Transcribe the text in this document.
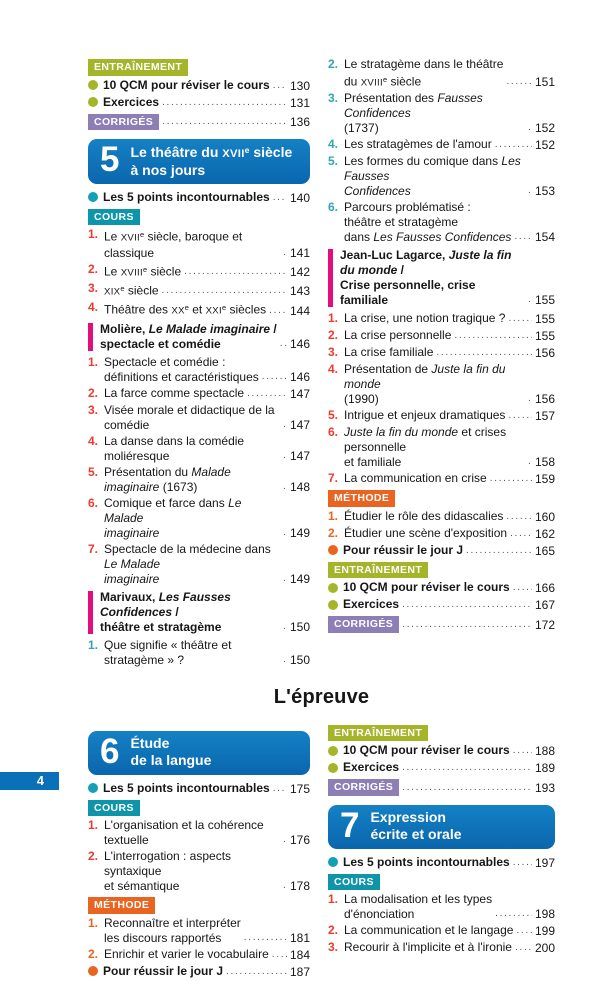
ENTRAÎNEMENT
10 QCM pour réviser le cours ..... 130
Exercices .....	131
CORRIGÉS .....	136
5 Le théâtre du XVIIe siècle
à nos jours
Les 5 points incontournables ..... 140
COURS
1. Le XVIIe siècle, baroque et classique .....	141
2. Le XVIIIe siècle .....	142
3. XIXe siècle .....	143
4. Théâtre des XXe et XXIe siècles ..... 144
Molière, Le Malade imaginaire /
spectacle et comédie .....	146
1. Spectacle et comédie :
définitions et caractéristiques .....	146
2. La farce comme spectacle .....	147
3. Visée morale et didactique de la comédie .....	147
4. La danse dans la comédie moliéresque .....	147
5. Présentation du Malade imaginaire (1673) .....	148
6. Comique et farce dans Le Malade
imaginaire .....	149
7. Spectacle de la médecine dans Le Malade
imaginaire .....	149
Marivaux, Les Fausses Confidences /
théâtre et stratagème .....	150
1. Que signifie « théâtre et stratagème » ? .....	150
2. Le stratagème dans le théâtre
du XVIIIe siècle .....	151
3. Présentation des Fausses Confidences
(1737) .....	152
4. Les stratagèmes de l'amour .....	152
5. Les formes du comique dans Les Fausses
Confidences .....	153
6. Parcours problématisé :
théâtre et stratagème
dans Les Fausses Confidences ..... 154
Jean-Luc Lagarce, Juste la fin du monde /
Crise personnelle, crise familiale .....	155
1. La crise, une notion tragique ? ..... 155
2. La crise personnelle .....	155
3. La crise familiale .....	156
4. Présentation de Juste la fin du monde
(1990) .....	156
5. Intrigue et enjeux dramatiques ..... 157
6. Juste la fin du monde et crises personnelle
et familiale .....	158
7. La communication en crise .....	159
MÉTHODE
1. Étudier le rôle des didascalies .....	160
2. Étudier une scène d'exposition ..... 162
Pour réussir le jour J .....	165
ENTRAÎNEMENT
10 QCM pour réviser le cours ..... 166
Exercices .....	167
CORRIGÉS .....	172
L'épreuve
6 Étude
de la langue
Les 5 points incontournables ..... 175
COURS
1. L'organisation et la cohérence textuelle .....	176
2. L'interrogation : aspects syntaxique
et sémantique .....	178
MÉTHODE
1. Reconnaître et interpréter
les discours rapportés .....	181
2. Enrichir et varier le vocabulaire ..... 184
Pour réussir le jour J .....	187
ENTRAÎNEMENT
10 QCM pour réviser le cours ..... 188
Exercices .....	189
CORRIGÉS .....	193
7 Expression
écrite et orale
Les 5 points incontournables ..... 197
COURS
1. La modalisation et les types
d'énonciation .....	198
2. La communication et le langage ..... 199
3. Recourir à l'implicite et à l'ironie ..... 200
4
